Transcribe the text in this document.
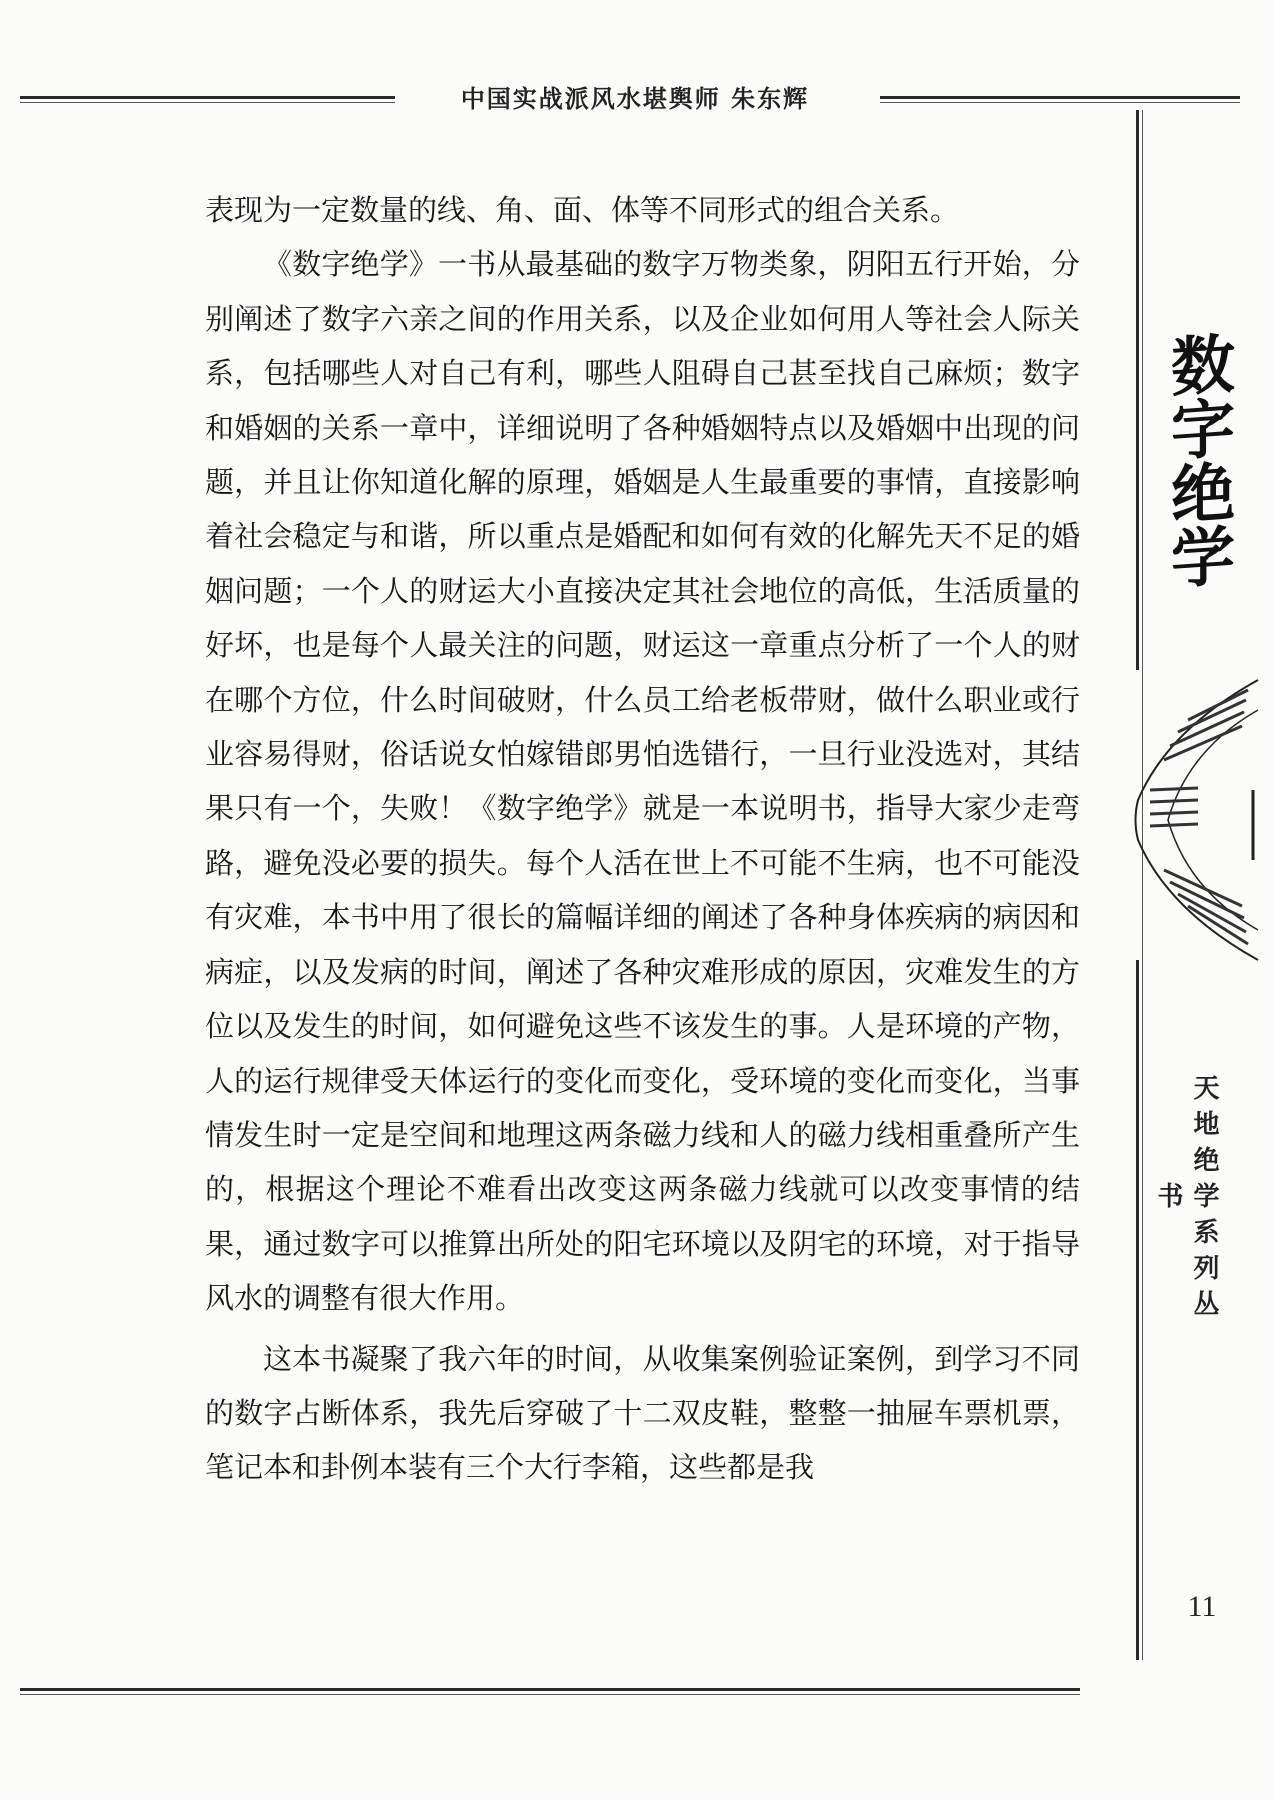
中国实战派风水堪舆师 朱东辉

表现为一定数量的线、角、面、体等不同形式的组合关系。

《数字绝学》一书从最基础的数字万物类象，阴阳五行开始，分别阐述了数字六亲之间的作用关系，以及企业如何用人等社会人际关系，包括哪些人对自己有利，哪些人阻碍自己甚至找自己麻烦；数字和婚姻的关系一章中，详细说明了各种婚姻特点以及婚姻中出现的问题，并且让你知道化解的原理，婚姻是人生最重要的事情，直接影响着社会稳定与和谐，所以重点是婚配和如何有效的化解先天不足的婚姻问题；一个人的财运大小直接决定其社会地位的高低，生活质量的好坏，也是每个人最关注的问题，财运这一章重点分析了一个人的财在哪个方位，什么时间破财，什么员工给老板带财，做什么职业或行业容易得财，俗话说女怕嫁错郎男怕选错行，一旦行业没选对，其结果只有一个，失败！《数字绝学》就是一本说明书，指导大家少走弯路，避免没必要的损失。每个人活在世上不可能不生病，也不可能没有灾难，本书中用了很长的篇幅详细的阐述了各种身体疾病的病因和病症，以及发病的时间，阐述了各种灾难形成的原因，灾难发生的方位以及发生的时间，如何避免这些不该发生的事。人是环境的产物，人的运行规律受天体运行的变化而变化，受环境的变化而变化，当事情发生时一定是空间和地理这两条磁力线和人的磁力线相重叠所产生的，根据这个理论不难看出改变这两条磁力线就可以改变事情的结果，通过数字可以推算出所处的阳宅环境以及阴宅的环境，对于指导风水的调整有很大作用。

这本书凝聚了我六年的时间，从收集案例验证案例，到学习不同的数字占断体系，我先后穿破了十二双皮鞋，整整一抽屉车票机票，笔记本和卦例本装有三个大行李箱，这些都是我

数字绝学
天地绝学系列丛书
11
